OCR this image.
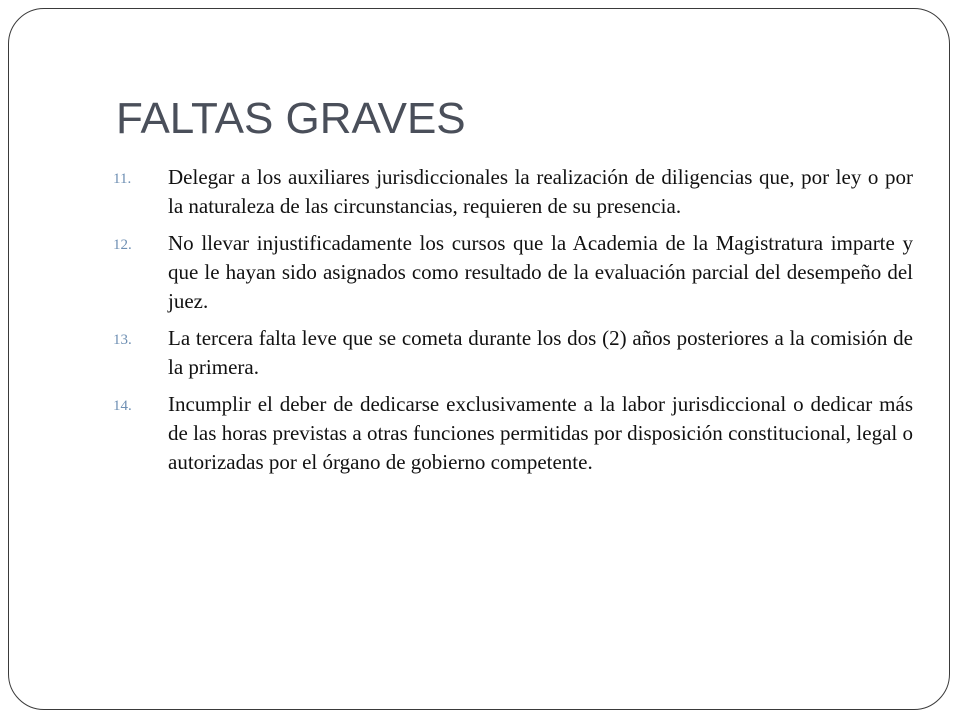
FALTAS GRAVES
11. Delegar a los auxiliares jurisdiccionales la realización de diligencias que, por ley o por la naturaleza de las circunstancias, requieren de su presencia.
12. No llevar injustificadamente los cursos que la Academia de la Magistratura imparte y que le hayan sido asignados como resultado de la evaluación parcial del desempeño del juez.
13. La tercera falta leve que se cometa durante los dos (2) años posteriores a la comisión de la primera.
14. Incumplir el deber de dedicarse exclusivamente a la labor jurisdiccional o dedicar más de las horas previstas a otras funciones permitidas por disposición constitucional, legal o autorizadas por el órgano de gobierno competente.
